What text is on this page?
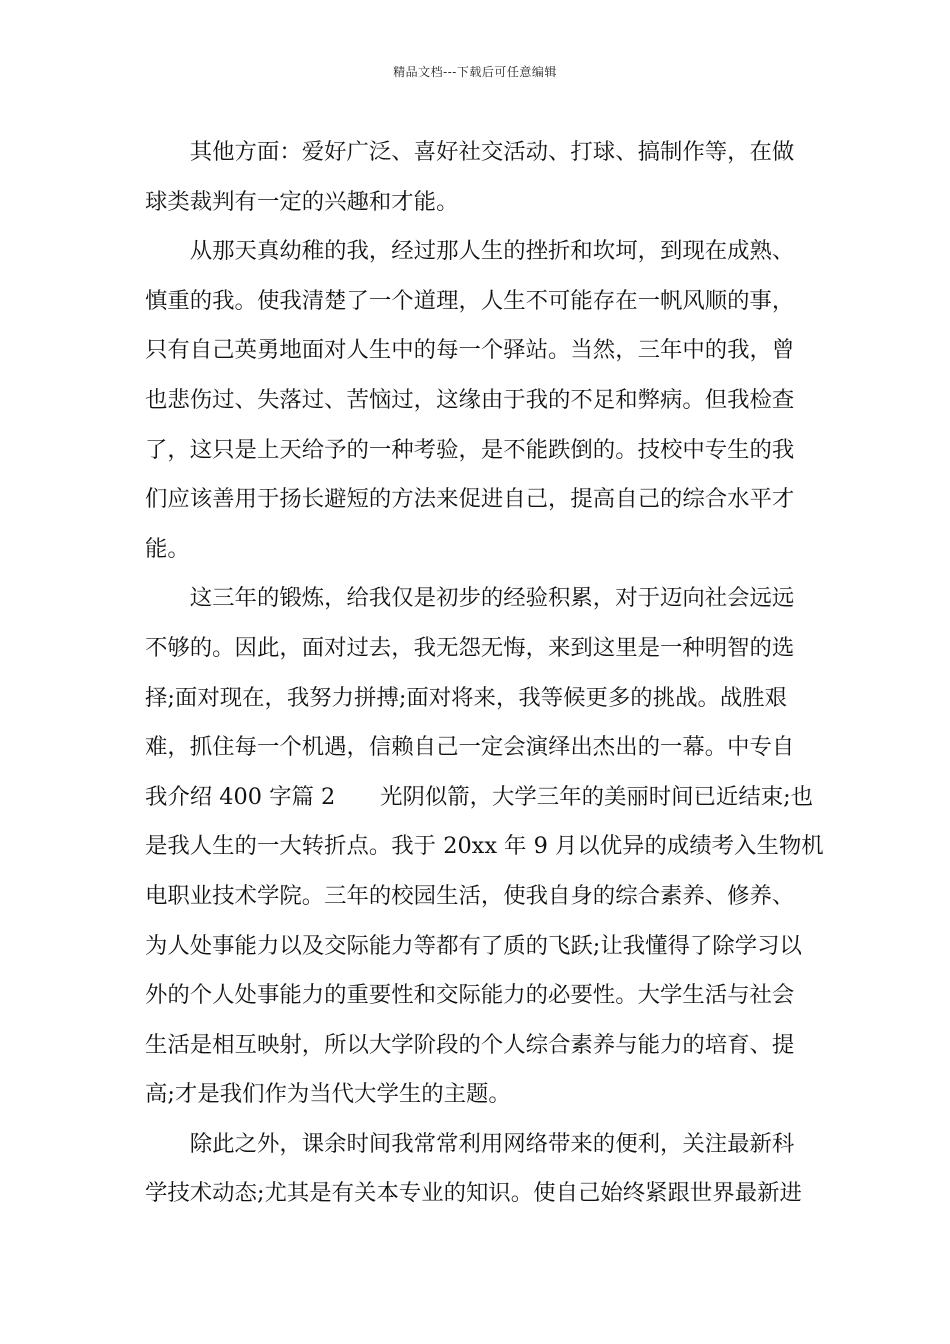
精品文档---下载后可任意编辑
　　其他方面：爱好广泛、喜好社交活动、打球、搞制作等，在做
球类裁判有一定的兴趣和才能。
　　从那天真幼稚的我，经过那人生的挫折和坎坷，到现在成熟、
慎重的我。使我清楚了一个道理，人生不可能存在一帆风顺的事，
只有自己英勇地面对人生中的每一个驿站。当然，三年中的我，曾
也悲伤过、失落过、苦恼过，这缘由于我的不足和弊病。但我检查
了，这只是上天给予的一种考验，是不能跌倒的。技校中专生的我
们应该善用于扬长避短的方法来促进自己，提高自己的综合水平才
能。
　　这三年的锻炼，给我仅是初步的经验积累，对于迈向社会远远
不够的。因此，面对过去，我无怨无悔，来到这里是一种明智的选
择;面对现在，我努力拼搏;面对将来，我等候更多的挑战。战胜艰
难，抓住每一个机遇，信赖自己一定会演绎出杰出的一幕。中专自
我介绍 400 字篇 2　　光阴似箭，大学三年的美丽时间已近结束;也
是我人生的一大转折点。我于 20xx 年 9 月以优异的成绩考入生物机
电职业技术学院。三年的校园生活，使我自身的综合素养、修养、
为人处事能力以及交际能力等都有了质的飞跃;让我懂得了除学习以
外的个人处事能力的重要性和交际能力的必要性。大学生活与社会
生活是相互映射，所以大学阶段的个人综合素养与能力的培育、提
高;才是我们作为当代大学生的主题。
　　除此之外，课余时间我常常利用网络带来的便利，关注最新科
学技术动态;尤其是有关本专业的知识。使自己始终紧跟世界最新进
